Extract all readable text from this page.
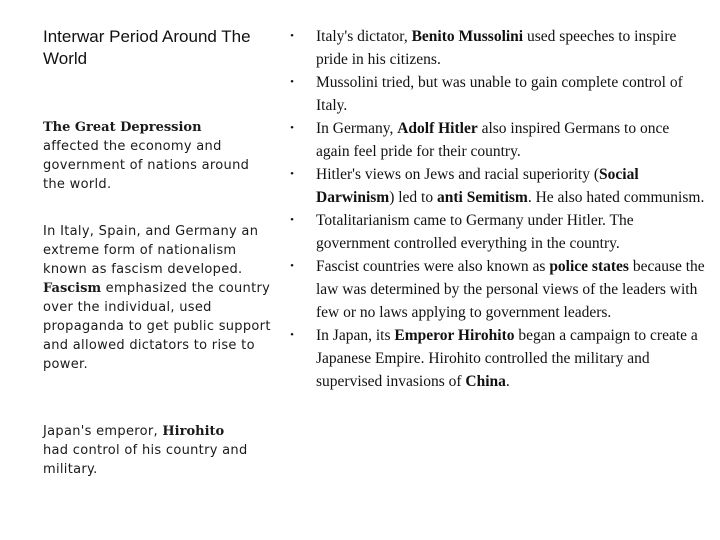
Interwar Period Around The World

The Great Depression
affected the economy and government of nations around the world.

In Italy, Spain, and Germany an extreme form of nationalism known as fascism developed. Fascism emphasized the country over the individual, used propaganda to get public support and allowed dictators to rise to power.

Japan's emperor, Hirohito
had control of his country and military.

• Italy's dictator, Benito Mussolini used speeches to inspire pride in his citizens.
• Mussolini tried, but was unable to gain complete control of Italy.
• In Germany, Adolf Hitler also inspired Germans to once again feel pride for their country.
• Hitler's views on Jews and racial superiority (Social Darwinism) led to anti Semitism. He also hated communism.
• Totalitarianism came to Germany under Hitler. The government controlled everything in the country.
• Fascist countries were also known as police states because the law was determined by the personal views of the leaders with few or no laws applying to government leaders.
• In Japan, its Emperor Hirohito began a campaign to create a Japanese Empire. Hirohito controlled the military and supervised invasions of China.
